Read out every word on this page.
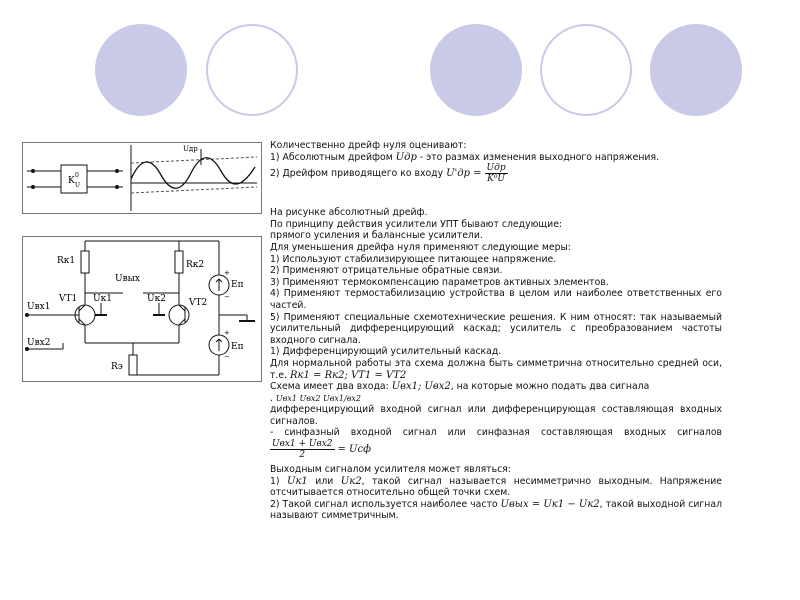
K
0
U
Uдр
Rк1	Rк2
Uвых
Uвх1
Uвх2
VT1	VT2
Uк1	Uк2
Rэ
Eп
Eп
+
−
+
−

Количественно дрейф нуля оценивают:

1) Абсолютным дрейфом Uдр - это размах изменения выходного напряжения.

2) Дрейфом приводящего ко входу $U'др = \frac{\text{Uдр}}{\text{K⁰U}}$

На рисунке абсолютный дрейф.

По принципу действия усилители УПТ бывают следующие:

прямого усиления и балансные усилители.

Для уменьшения дрейфа нуля применяют следующие меры:

1) Используют стабилизирующее питающее напряжение.

2) Применяют отрицательные обратные связи.

3) Применяют термокомпенсацию параметров активных элементов.

4) Применяют термостабилизацию устройства в целом или наиболее ответственных его частей.

5) Применяют специальные схемотехнические решения. К ним относят: так называемый усилительный дифференцирующий каскад; усилитель с преобразованием частоты входного сигнала.

1) Дифференцирующий усилительный каскад.

Для нормальной работы эта схема должна быть симметрична относительно средней оси, т.е. Rк1 = Rк2; VT1 = VT2

Схема имеет два входа: Uвх1; Uвх2, на которые можно подать два сигнала

. Uвх1 Uвх2 Uвх1/вх2

дифференцирующий входной сигнал или дифференцирующая составляющая входных сигналов.

- синфазный входной сигнал или синфазная составляющая входных сигналов
$\frac{\text{Uвх1 + Uвх2}}{2}$ = Uсф

Выходным сигналом усилителя может являться:

1) Uк1 или Uк2, такой сигнал называется несимметрично выходным. Напряжение отсчитывается относительно общей точки схем.

2) Такой сигнал используется наиболее часто Uвых = Uк1 − Uк2, такой выходной сигнал называют симметричным.
